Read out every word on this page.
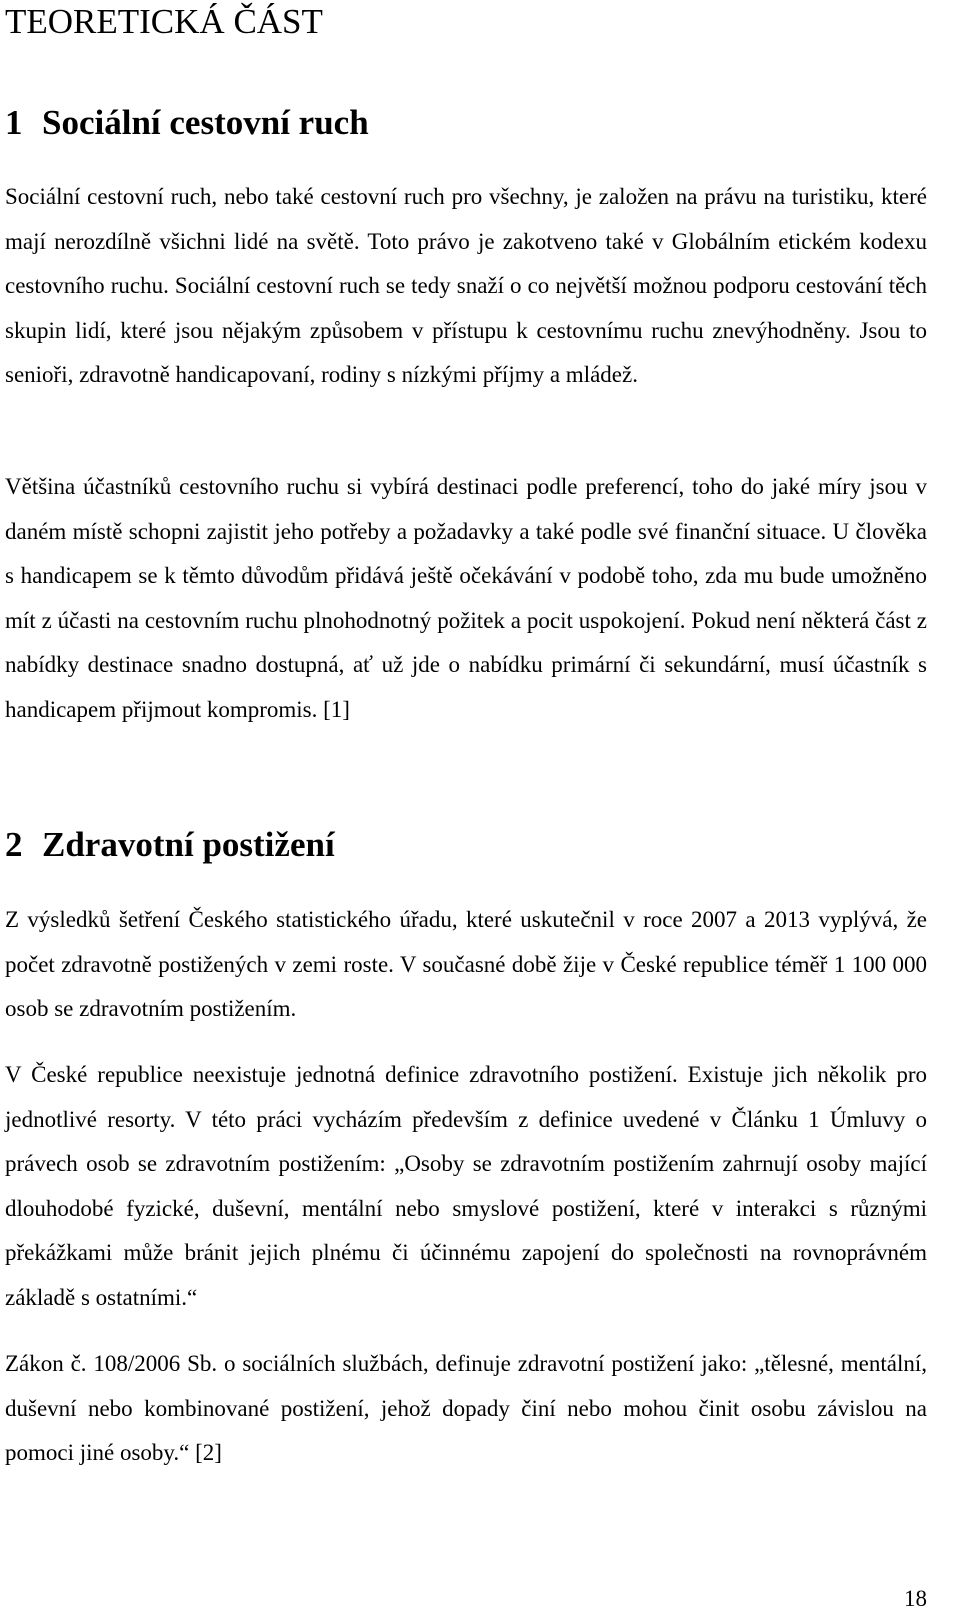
TEORETICKÁ ČÁST
1 Sociální cestovní ruch

Sociální cestovní ruch, nebo také cestovní ruch pro všechny, je založen na právu na turistiku, které mají nerozdílně všichni lidé na světě. Toto právo je zakotveno také v Globálním etickém kodexu cestovního ruchu. Sociální cestovní ruch se tedy snaží o co největší možnou podporu cestování těch skupin lidí, které jsou nějakým způsobem v přístupu k cestovnímu ruchu znevýhodněny. Jsou to senioři, zdravotně handicapovaní, rodiny s nízkými příjmy a mládež.

Většina účastníků cestovního ruchu si vybírá destinaci podle preferencí, toho do jaké míry jsou v daném místě schopni zajistit jeho potřeby a požadavky a také podle své finanční situace. U člověka s handicapem se k těmto důvodům přidává ještě očekávání v podobě toho, zda mu bude umožněno mít z účasti na cestovním ruchu plnohodnotný požitek a pocit uspokojení. Pokud není některá část z nabídky destinace snadno dostupná, ať už jde o nabídku primární či sekundární, musí účastník s handicapem přijmout kompromis. [1]

2 Zdravotní postižení

Z výsledků šetření Českého statistického úřadu, které uskutečnil v roce 2007 a 2013 vyplývá, že počet zdravotně postižených v zemi roste. V současné době žije v České republice téměř 1 100 000 osob se zdravotním postižením.

V České republice neexistuje jednotná definice zdravotního postižení. Existuje jich několik pro jednotlivé resorty. V této práci vycházím především z definice uvedené v Článku 1 Úmluvy o právech osob se zdravotním postižením: „Osoby se zdravotním postižením zahrnují osoby mající dlouhodobé fyzické, duševní, mentální nebo smyslové postižení, které v interakci s různými překážkami může bránit jejich plnému či účinnému zapojení do společnosti na rovnoprávném základě s ostatními.“

Zákon č. 108/2006 Sb. o sociálních službách, definuje zdravotní postižení jako: „tělesné, mentální, duševní nebo kombinované postižení, jehož dopady činí nebo mohou činit osobu závislou na pomoci jiné osoby.“ [2]

18
